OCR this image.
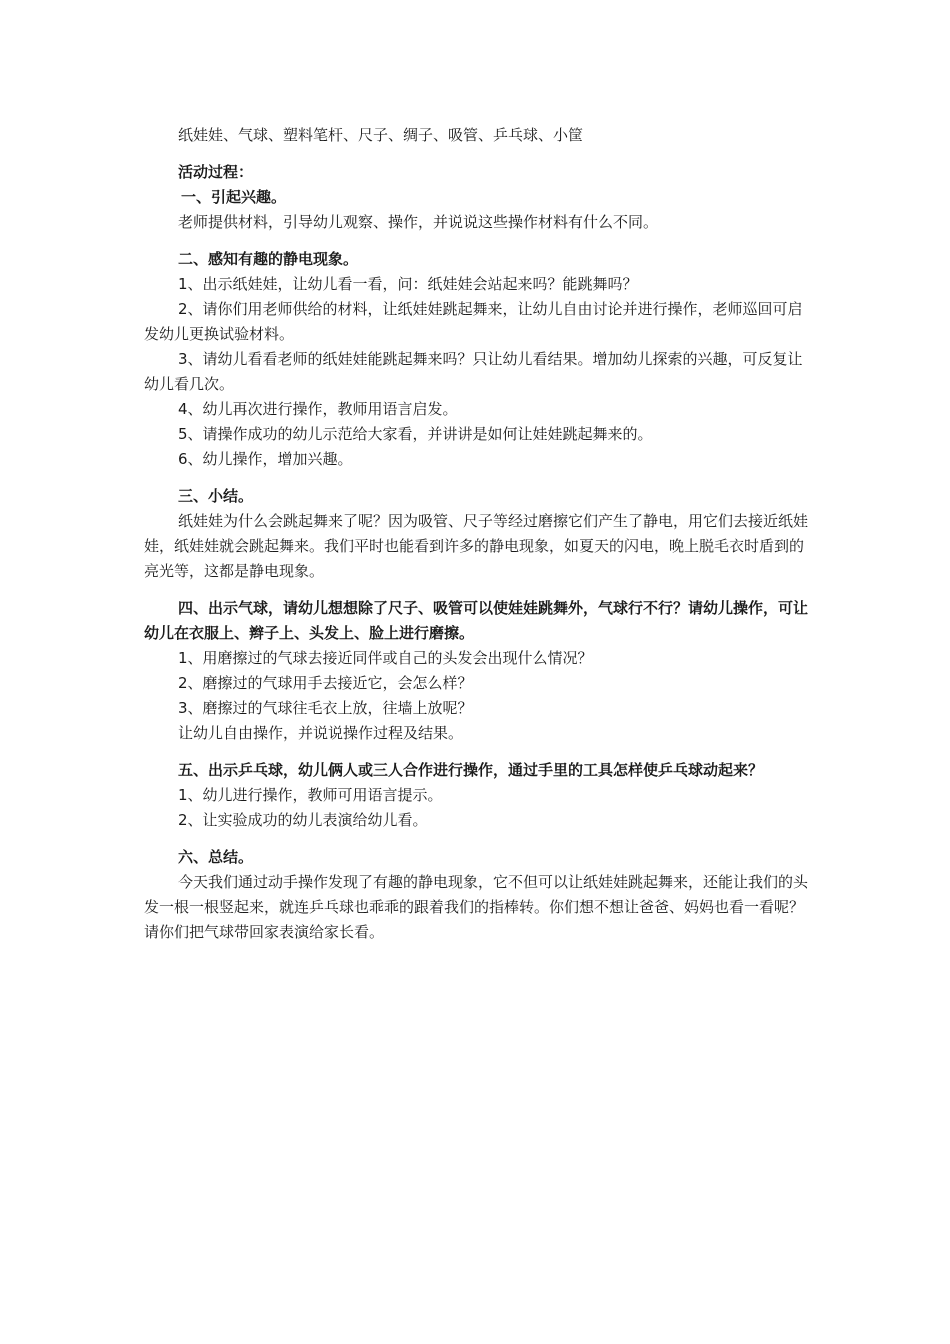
纸娃娃、气球、塑料笔杆、尺子、绸子、吸管、乒乓球、小筐

活动过程：

一、引起兴趣。

老师提供材料，引导幼儿观察、操作，并说说这些操作材料有什么不同。

二、感知有趣的静电现象。

1、出示纸娃娃，让幼儿看一看，问：纸娃娃会站起来吗？能跳舞吗？

2、请你们用老师供给的材料，让纸娃娃跳起舞来，让幼儿自由讨论并进行操作，老师巡回可启发幼儿更换试验材料。

3、请幼儿看看老师的纸娃娃能跳起舞来吗？只让幼儿看结果。增加幼儿探索的兴趣，可反复让幼儿看几次。

4、幼儿再次进行操作，教师用语言启发。

5、请操作成功的幼儿示范给大家看，并讲讲是如何让娃娃跳起舞来的。

6、幼儿操作，增加兴趣。

三、小结。

纸娃娃为什么会跳起舞来了呢？因为吸管、尺子等经过磨擦它们产生了静电，用它们去接近纸娃娃，纸娃娃就会跳起舞来。我们平时也能看到许多的静电现象，如夏天的闪电，晚上脱毛衣时盾到的亮光等，这都是静电现象。

四、出示气球，请幼儿想想除了尺子、吸管可以使娃娃跳舞外，气球行不行？请幼儿操作，可让幼儿在衣服上、辫子上、头发上、脸上进行磨擦。

1、用磨擦过的气球去接近同伴或自己的头发会出现什么情况？

2、磨擦过的气球用手去接近它，会怎么样？

3、磨擦过的气球往毛衣上放，往墙上放呢？

让幼儿自由操作，并说说操作过程及结果。

五、出示乒乓球，幼儿俩人或三人合作进行操作，通过手里的工具怎样使乒乓球动起来？

1、幼儿进行操作，教师可用语言提示。

2、让实验成功的幼儿表演给幼儿看。

六、总结。

今天我们通过动手操作发现了有趣的静电现象，它不但可以让纸娃娃跳起舞来，还能让我们的头发一根一根竖起来，就连乒乓球也乖乖的跟着我们的指棒转。你们想不想让爸爸、妈妈也看一看呢？请你们把气球带回家表演给家长看。
